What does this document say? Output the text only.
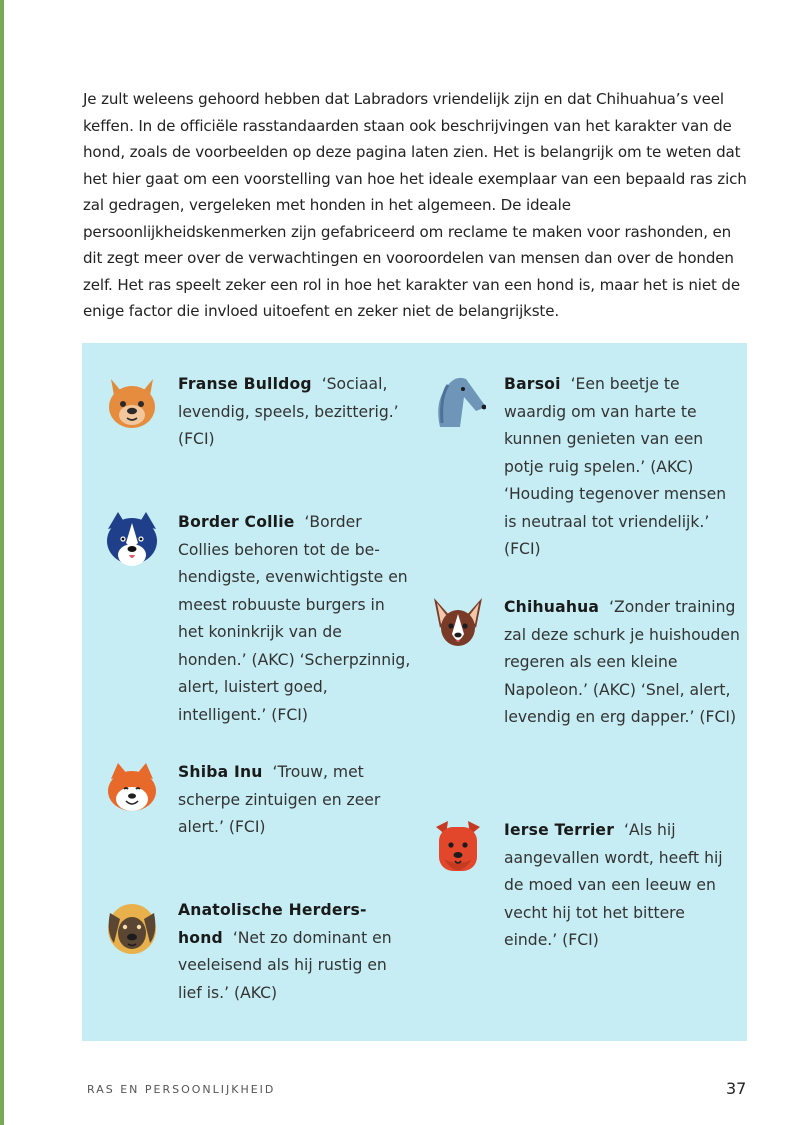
Je zult weleens gehoord hebben dat Labradors vriendelijk zijn en dat Chihuahua’s veel keffen. In de officiële rasstandaarden staan ook beschrijvingen van het karakter van de hond, zoals de voorbeelden op deze pagina laten zien. Het is belangrijk om te weten dat het hier gaat om een voorstelling van hoe het ideale exemplaar van een bepaald ras zich zal gedragen, vergeleken met honden in het algemeen. De ideale persoonlijkheidskenmerken zijn gefabriceerd om reclame te maken voor rashonden, en dit zegt meer over de verwachtingen en vooroordelen van mensen dan over de honden zelf. Het ras speelt zeker een rol in hoe het karakter van een hond is, maar het is niet de enige factor die invloed uitoefent en zeker niet de belangrijkste.

Franse Bulldog ‘Sociaal, levendig, speels, bezitterig.’ (FCI)

Border Collie ‘Border Collies behoren tot de behendigste, evenwichtigste en meest robuuste burgers in het koninkrijk van de honden.’ (AKC) ‘Scherpzinnig, alert, luistert goed, intelligent.’ (FCI)

Shiba Inu ‘Trouw, met scherpe zintuigen en zeer alert.’ (FCI)

Anatolische Herdershond ‘Net zo dominant en veeleisend als hij rustig en lief is.’ (AKC)

Barsoi ‘Een beetje te waardig om van harte te kunnen genieten van een potje ruig spelen.’ (AKC) ‘Houding tegenover mensen is neutraal tot vriendelijk.’ (FCI)

Chihuahua ‘Zonder training zal deze schurk je huishouden regeren als een kleine Napoleon.’ (AKC) ‘Snel, alert, levendig en erg dapper.’ (FCI)

Ierse Terrier ‘Als hij aangevallen wordt, heeft hij de moed van een leeuw en vecht hij tot het bittere einde.’ (FCI)

RAS EN PERSOONLIJKHEID	37
